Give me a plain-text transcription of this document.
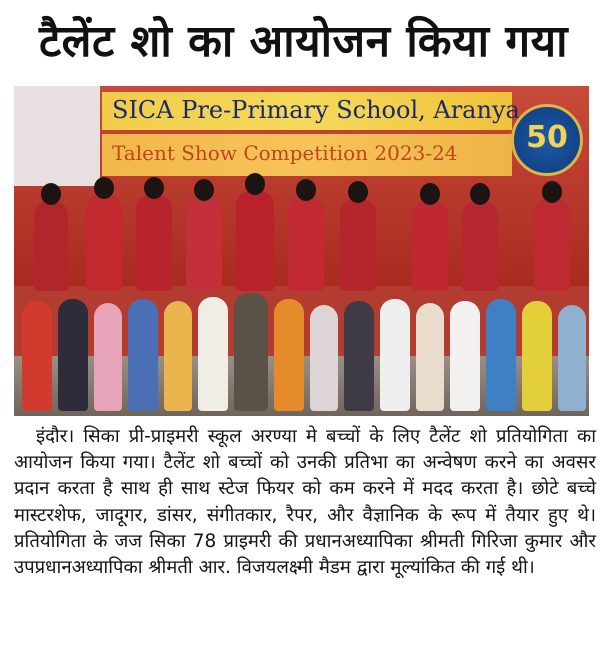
टैलेंट शो का आयोजन किया गया
SICA Pre-Primary School, Aranya
Talent Show Competition 2023-24	50

इंदौर। सिका प्री-प्राइमरी स्कूल अरण्या मे बच्चों के लिए टैलेंट शो प्रतियोगिता का आयोजन किया गया। टैलेंट शो बच्चों को उनकी प्रतिभा का अन्वेषण करने का अवसर प्रदान करता है साथ ही साथ स्टेज फियर को कम करने में मदद करता है। छोटे बच्चे मास्टरशेफ, जादूगर, डांसर, संगीतकार, रैपर, और वैज्ञानिक के रूप में तैयार हुए थे। प्रतियोगिता के जज सिका 78 प्राइमरी की प्रधानअध्यापिका श्रीमती गिरिजा कुमार और उपप्रधानअध्यापिका श्रीमती आर. विजयलक्ष्मी मैडम द्वारा मूल्यांकित की गई थी।
